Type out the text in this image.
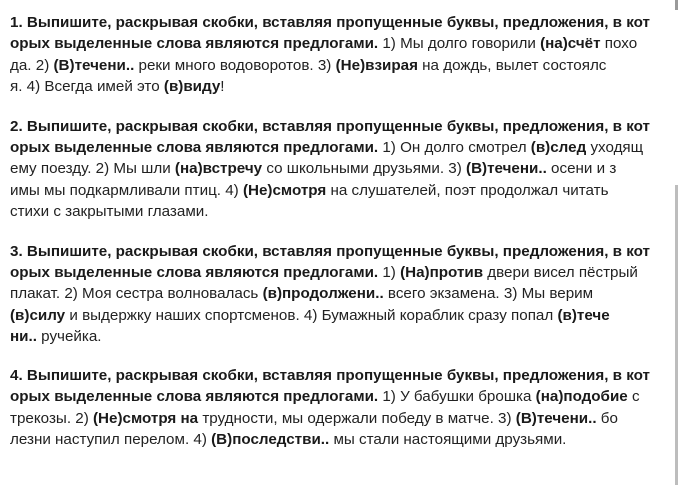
1. Выпишите, раскрывая скобки, вставляя пропущенные буквы, предложения, в кот
орых выделенные слова являются предлогами. 1) Мы долго говорили (на)счёт похо
да. 2) (В)течени.. реки много водоворотов. 3) (Не)взирая на дождь, вылет состоялс
я. 4) Всегда имей это (в)виду!

2. Выпишите, раскрывая скобки, вставляя пропущенные буквы, предложения, в кот
орых выделенные слова являются предлогами. 1) Он долго смотрел (в)след уходящ
ему поезду. 2) Мы шли (на)встречу со школьными друзьями. 3) (В)течени.. осени и з
имы мы подкармливали птиц. 4) (Не)смотря на слушателей, поэт продолжал читать
стихи с закрытыми глазами.

3. Выпишите, раскрывая скобки, вставляя пропущенные буквы, предложения, в кот
орых выделенные слова являются предлогами. 1) (На)против двери висел пёстрый
плакат. 2) Моя сестра волновалась (в)продолжени.. всего экзамена. 3) Мы верим
(в)силу и выдержку наших спортсменов. 4) Бумажный кораблик сразу попал (в)тече
ни.. ручейка.

4. Выпишите, раскрывая скобки, вставляя пропущенные буквы, предложения, в кот
орых выделенные слова являются предлогами. 1) У бабушки брошка (на)подобие с
трекозы. 2) (Не)смотря на трудности, мы одержали победу в матче. 3) (В)течени.. бо
лезни наступил перелом. 4) (В)последстви.. мы стали настоящими друзьями.
